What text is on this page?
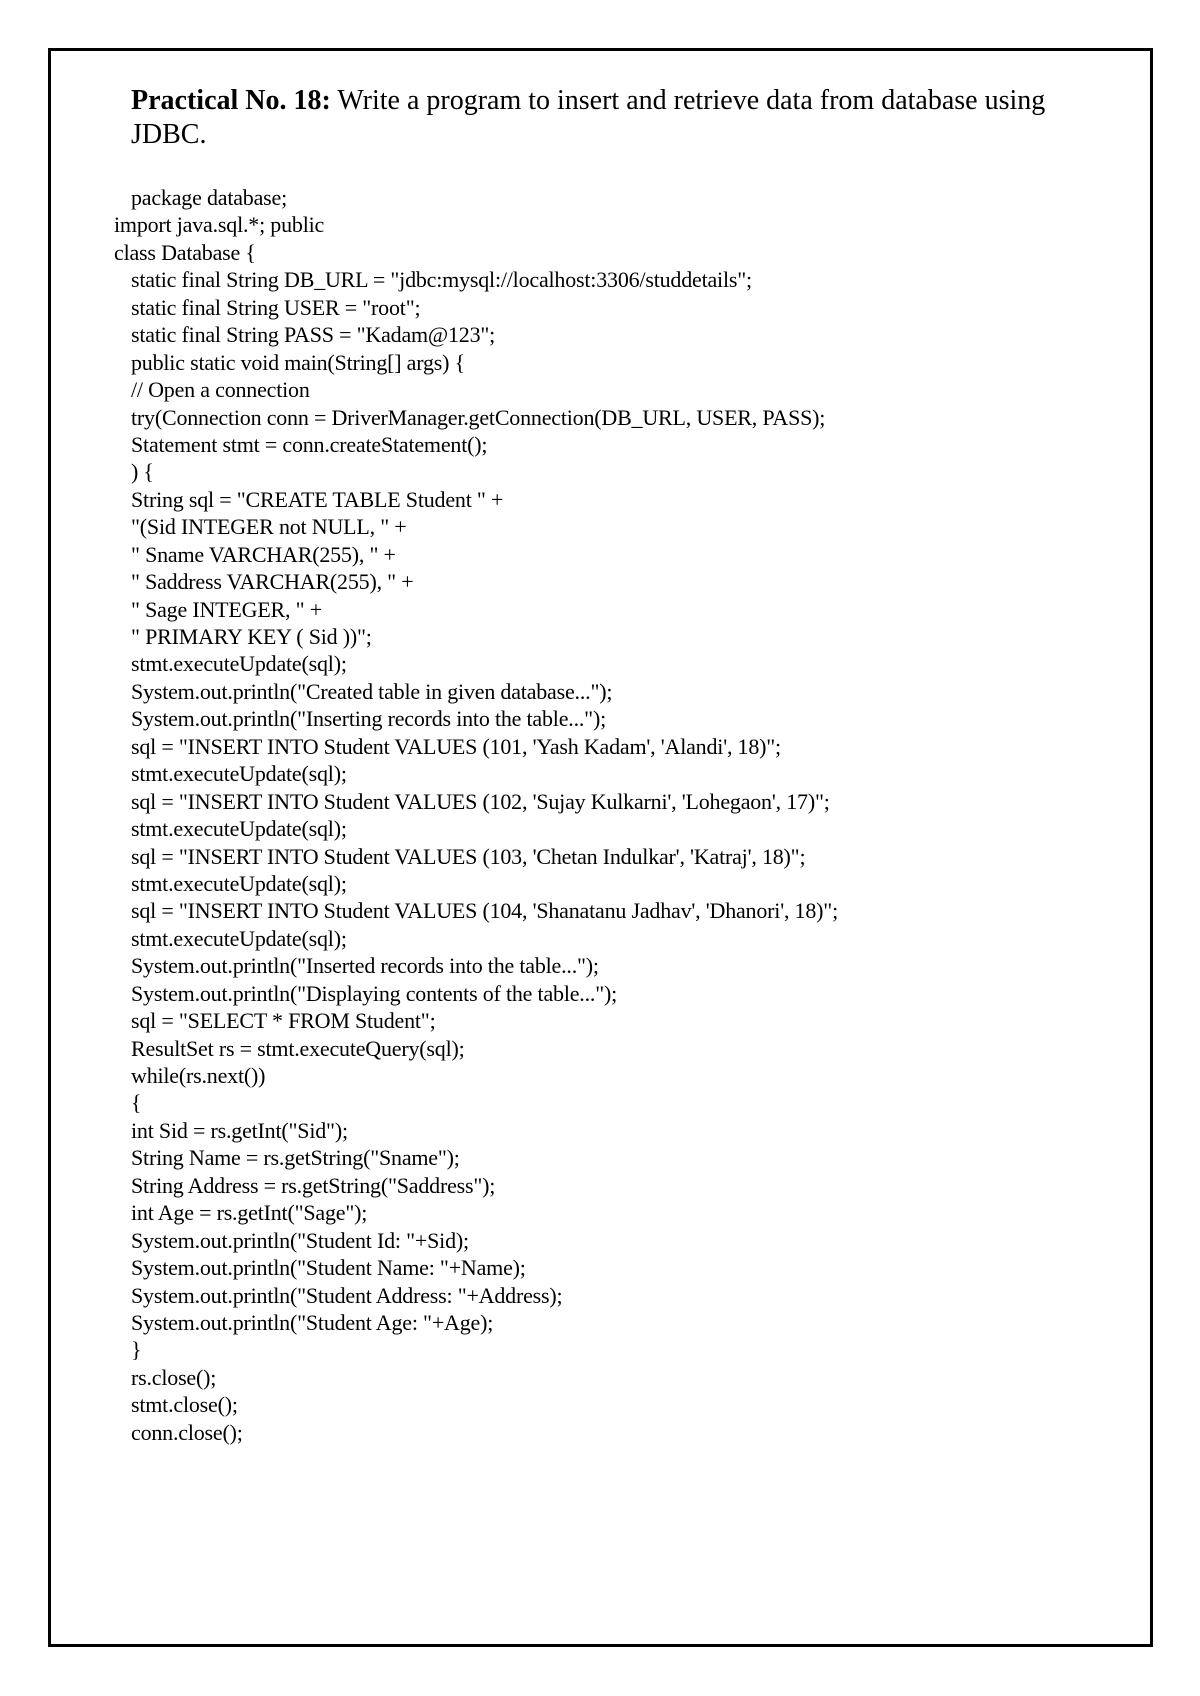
Practical No. 18: Write a program to insert and retrieve data from database using JDBC.

package database;
import java.sql.*; public
class Database {
static final String DB_URL = "jdbc:mysql://localhost:3306/studdetails";
static final String USER = "root";
static final String PASS = "Kadam@123";
public static void main(String[] args) {
// Open a connection
try(Connection conn = DriverManager.getConnection(DB_URL, USER, PASS);
Statement stmt = conn.createStatement();
) {
String sql = "CREATE TABLE Student " +
"(Sid INTEGER not NULL, " +
" Sname VARCHAR(255), " +
" Saddress VARCHAR(255), " +
" Sage INTEGER, " +
" PRIMARY KEY ( Sid ))";
stmt.executeUpdate(sql);
System.out.println("Created table in given database...");
System.out.println("Inserting records into the table...");
sql = "INSERT INTO Student VALUES (101, 'Yash Kadam', 'Alandi', 18)";
stmt.executeUpdate(sql);
sql = "INSERT INTO Student VALUES (102, 'Sujay Kulkarni', 'Lohegaon', 17)";
stmt.executeUpdate(sql);
sql = "INSERT INTO Student VALUES (103, 'Chetan Indulkar', 'Katraj', 18)";
stmt.executeUpdate(sql);
sql = "INSERT INTO Student VALUES (104, 'Shanatanu Jadhav', 'Dhanori', 18)";
stmt.executeUpdate(sql);
System.out.println("Inserted records into the table...");
System.out.println("Displaying contents of the table...");
sql = "SELECT * FROM Student";
ResultSet rs = stmt.executeQuery(sql);
while(rs.next())
{
int Sid = rs.getInt("Sid");
String Name = rs.getString("Sname");
String Address = rs.getString("Saddress");
int Age = rs.getInt("Sage");
System.out.println("Student Id: "+Sid);
System.out.println("Student Name: "+Name);
System.out.println("Student Address: "+Address);
System.out.println("Student Age: "+Age);
}
rs.close();
stmt.close();
conn.close();
